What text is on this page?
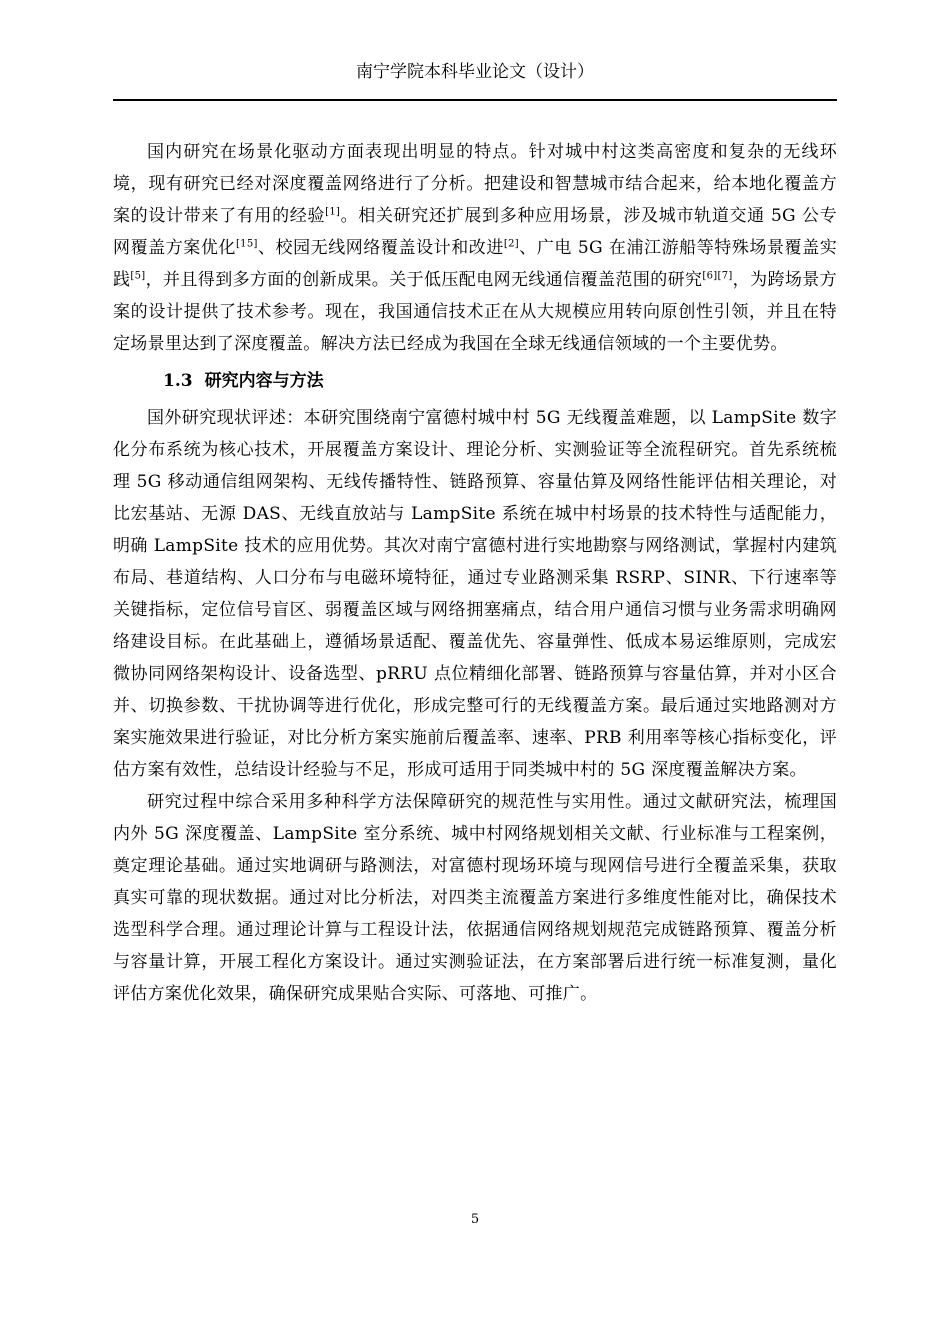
南宁学院本科毕业论文（设计）

国内研究在场景化驱动方面表现出明显的特点。针对城中村这类高密度和复杂的无线环境，现有研究已经对深度覆盖网络进行了分析。把建设和智慧城市结合起来，给本地化覆盖方案的设计带来了有用的经验[1]。相关研究还扩展到多种应用场景，涉及城市轨道交通 5G 公专网覆盖方案优化[15]、校园无线网络覆盖设计和改进[2]、广电 5G 在浦江游船等特殊场景覆盖实践[5]，并且得到多方面的创新成果。关于低压配电网无线通信覆盖范围的研究[6][7]，为跨场景方案的设计提供了技术参考。现在，我国通信技术正在从大规模应用转向原创性引领，并且在特定场景里达到了深度覆盖。解决方法已经成为我国在全球无线通信领域的一个主要优势。

1.3 研究内容与方法

国外研究现状评述：本研究围绕南宁富德村城中村 5G 无线覆盖难题，以 LampSite 数字化分布系统为核心技术，开展覆盖方案设计、理论分析、实测验证等全流程研究。首先系统梳理 5G 移动通信组网架构、无线传播特性、链路预算、容量估算及网络性能评估相关理论，对比宏基站、无源 DAS、无线直放站与 LampSite 系统在城中村场景的技术特性与适配能力，明确 LampSite 技术的应用优势。其次对南宁富德村进行实地勘察与网络测试，掌握村内建筑布局、巷道结构、人口分布与电磁环境特征，通过专业路测采集 RSRP、SINR、下行速率等关键指标，定位信号盲区、弱覆盖区域与网络拥塞痛点，结合用户通信习惯与业务需求明确网络建设目标。在此基础上，遵循场景适配、覆盖优先、容量弹性、低成本易运维原则，完成宏微协同网络架构设计、设备选型、pRRU 点位精细化部署、链路预算与容量估算，并对小区合并、切换参数、干扰协调等进行优化，形成完整可行的无线覆盖方案。最后通过实地路测对方案实施效果进行验证，对比分析方案实施前后覆盖率、速率、PRB 利用率等核心指标变化，评估方案有效性，总结设计经验与不足，形成可适用于同类城中村的 5G 深度覆盖解决方案。

研究过程中综合采用多种科学方法保障研究的规范性与实用性。通过文献研究法，梳理国内外 5G 深度覆盖、LampSite 室分系统、城中村网络规划相关文献、行业标准与工程案例，奠定理论基础。通过实地调研与路测法，对富德村现场环境与现网信号进行全覆盖采集，获取真实可靠的现状数据。通过对比分析法，对四类主流覆盖方案进行多维度性能对比，确保技术选型科学合理。通过理论计算与工程设计法，依据通信网络规划规范完成链路预算、覆盖分析与容量计算，开展工程化方案设计。通过实测验证法，在方案部署后进行统一标准复测，量化评估方案优化效果，确保研究成果贴合实际、可落地、可推广。

5
